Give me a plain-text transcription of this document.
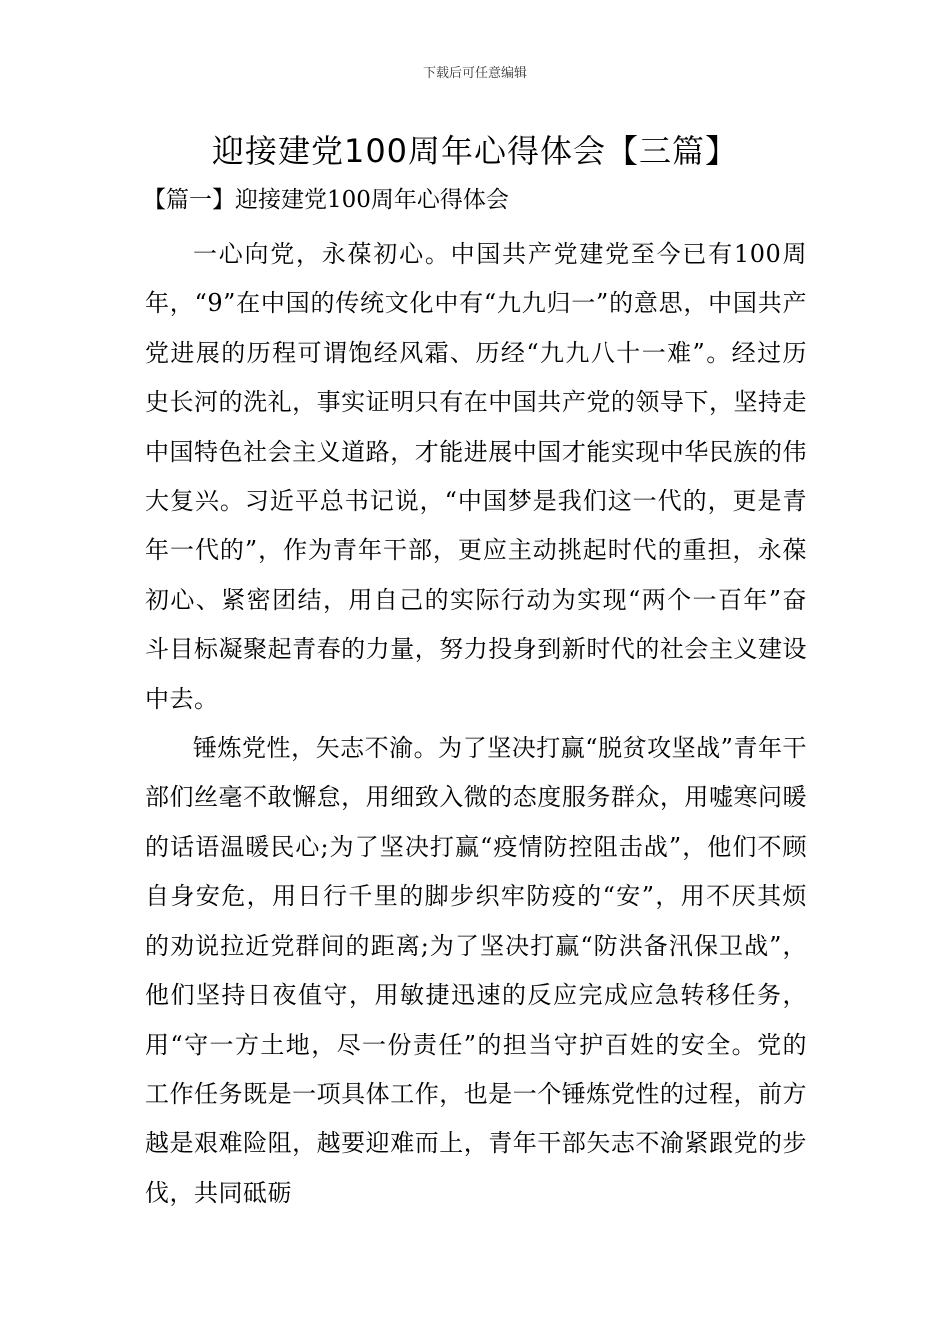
下载后可任意编辑
迎接建党100周年心得体会【三篇】
【篇一】迎接建党100周年心得体会

一心向党，永葆初心。中国共产党建党至今已有100周年，“9”在中国的传统文化中有“九九归一”的意思，中国共产党进展的历程可谓饱经风霜、历经“九九八十一难”。经过历史长河的洗礼，事实证明只有在中国共产党的领导下，坚持走中国特色社会主义道路，才能进展中国才能实现中华民族的伟大复兴。习近平总书记说，“中国梦是我们这一代的，更是青年一代的”，作为青年干部，更应主动挑起时代的重担，永葆初心、紧密团结，用自己的实际行动为实现“两个一百年”奋斗目标凝聚起青春的力量，努力投身到新时代的社会主义建设中去。

锤炼党性，矢志不渝。为了坚决打赢“脱贫攻坚战”青年干部们丝毫不敢懈怠，用细致入微的态度服务群众，用嘘寒问暖的话语温暖民心;为了坚决打赢“疫情防控阻击战”，他们不顾自身安危，用日行千里的脚步织牢防疫的“安”，用不厌其烦的劝说拉近党群间的距离;为了坚决打赢“防洪备汛保卫战”，他们坚持日夜值守，用敏捷迅速的反应完成应急转移任务，用“守一方土地，尽一份责任”的担当守护百姓的安全。党的工作任务既是一项具体工作，也是一个锤炼党性的过程，前方越是艰难险阻，越要迎难而上，青年干部矢志不渝紧跟党的步伐，共同砥砺
